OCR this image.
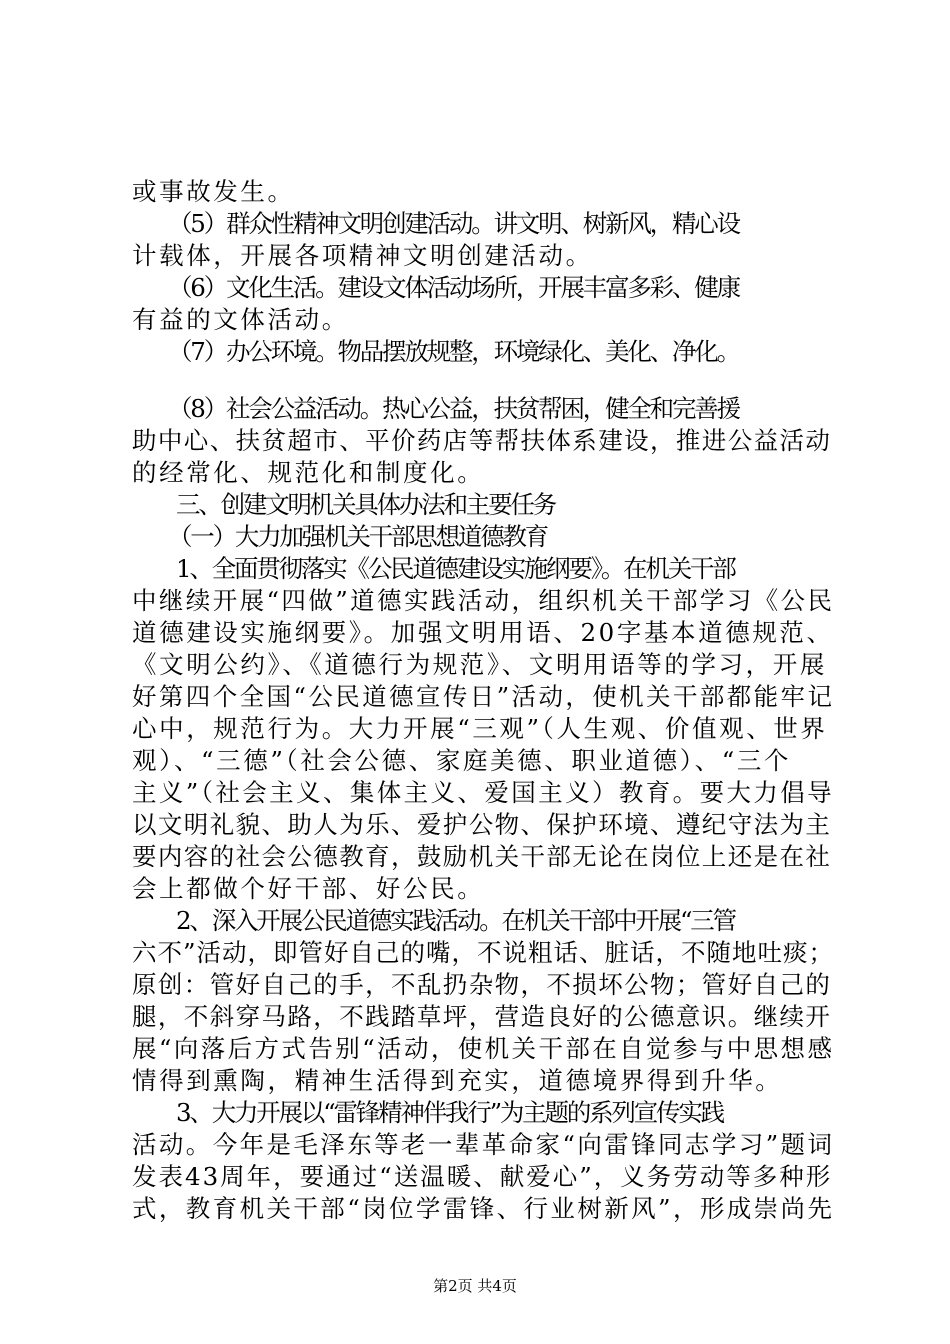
或事故发生。
（5）群众性精神文明创建活动。讲文明、树新风，精心设
计载体，开展各项精神文明创建活动。
（6）文化生活。建设文体活动场所，开展丰富多彩、健康
有益的文体活动。
（7）办公环境。物品摆放规整，环境绿化、美化、净化。
（8）社会公益活动。热心公益，扶贫帮困，健全和完善援
助中心、扶贫超市、平价药店等帮扶体系建设，推进公益活动
的经常化、规范化和制度化。
三、创建文明机关具体办法和主要任务
（一）大力加强机关干部思想道德教育
1、全面贯彻落实《公民道德建设实施纲要》。在机关干部
中继续开展“四做”道德实践活动，组织机关干部学习《公民
道德建设实施纲要》。加强文明用语、20字基本道德规范、
《文明公约》、《道德行为规范》、文明用语等的学习，开展
好第四个全国“公民道德宣传日”活动，使机关干部都能牢记
心中，规范行为。大力开展“三观”（人生观、价值观、世界
观）、“三德”（社会公德、家庭美德、职业道德）、“三个
主义”（社会主义、集体主义、爱国主义）教育。要大力倡导
以文明礼貌、助人为乐、爱护公物、保护环境、遵纪守法为主
要内容的社会公德教育，鼓励机关干部无论在岗位上还是在社
会上都做个好干部、好公民。
2、深入开展公民道德实践活动。在机关干部中开展“三管
六不”活动，即管好自己的嘴，不说粗话、脏话，不随地吐痰；
原创：管好自己的手，不乱扔杂物，不损坏公物；管好自己的
腿，不斜穿马路，不践踏草坪，营造良好的公德意识。继续开
展“向落后方式告别“活动，使机关干部在自觉参与中思想感
情得到熏陶，精神生活得到充实，道德境界得到升华。
3、大力开展以“雷锋精神伴我行”为主题的系列宣传实践
活动。今年是毛泽东等老一辈革命家“向雷锋同志学习”题词
发表43周年，要通过“送温暖、献爱心”，义务劳动等多种形
式，教育机关干部“岗位学雷锋、行业树新风”，形成崇尚先
第2页 共4页
